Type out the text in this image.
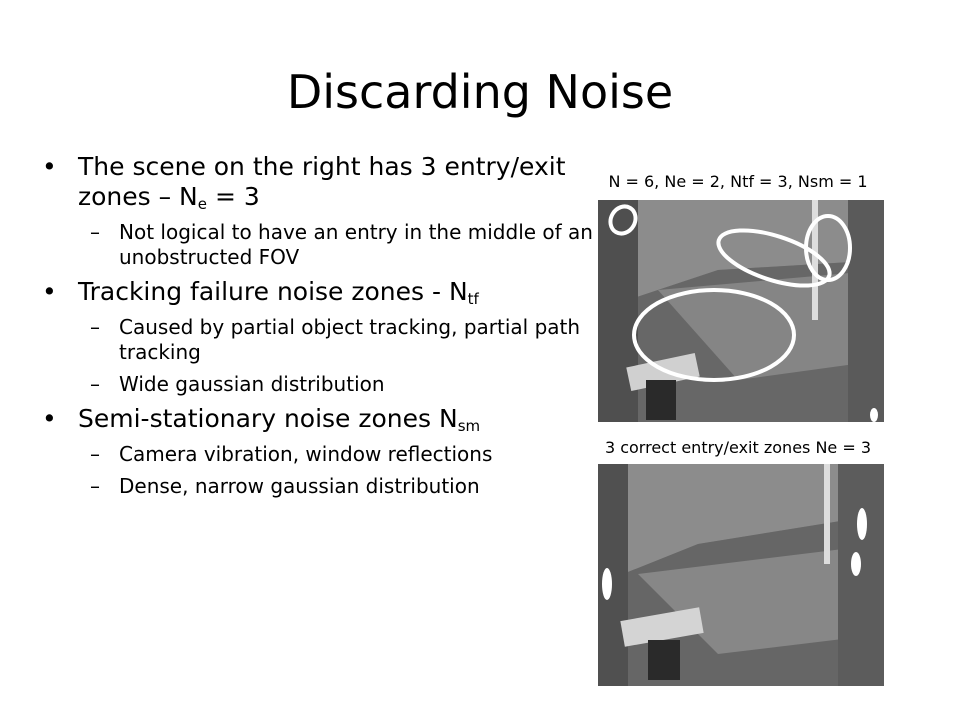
Discarding Noise
• The scene on the right has 3 entry/exit zones – $N_e = 3$
– Not logical to have an entry in the middle of an unobstructed FOV
• Tracking failure noise zones - $N_{tf}$
– Caused by partial object tracking, partial path tracking
– Wide gaussian distribution
• Semi-stationary noise zones $N_{sm}$
– Camera vibration, window reflections
– Dense, narrow gaussian distribution
N = 6, Ne = 2, Ntf = 3, Nsm = 1
3 correct entry/exit zones Ne = 3
